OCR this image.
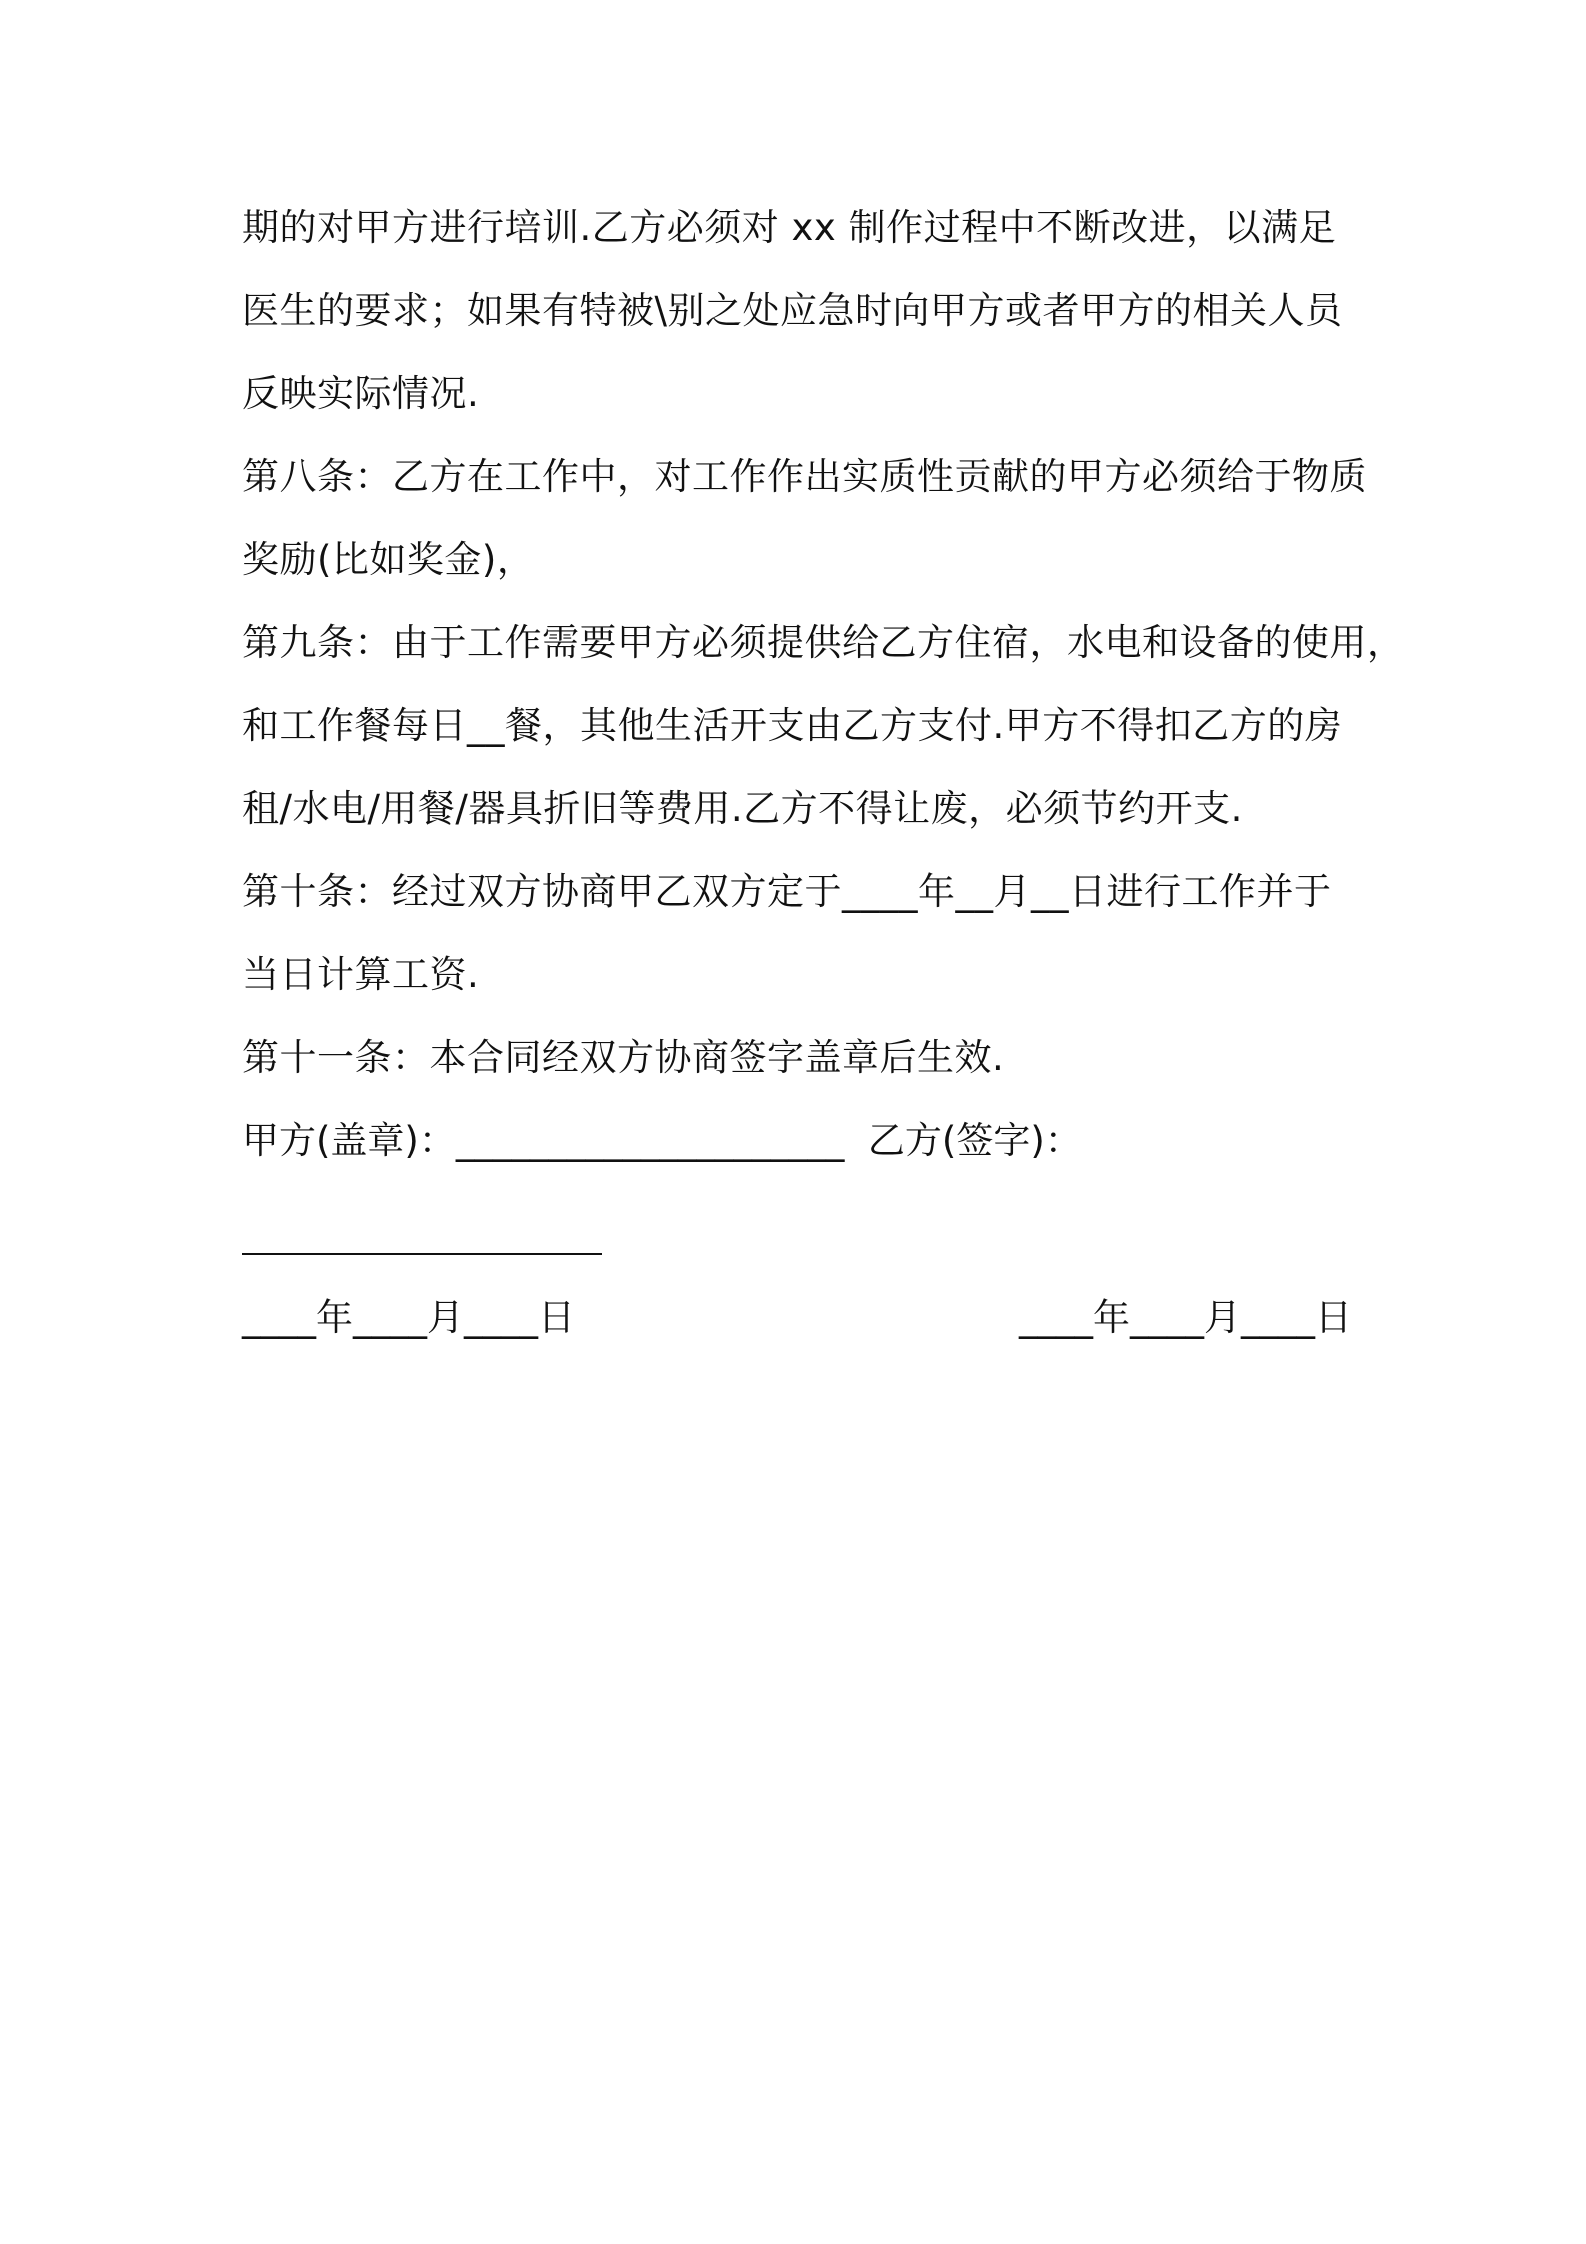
期的对甲方进行培训.乙方必须对 xx 制作过程中不断改进，以满足
医生的要求；如果有特被\别之处应急时向甲方或者甲方的相关人员
反映实际情况.
第八条：乙方在工作中，对工作作出实质性贡献的甲方必须给于物质
奖励(比如奖金)，
第九条：由于工作需要甲方必须提供给乙方住宿，水电和设备的使用，
和工作餐每日__餐，其他生活开支由乙方支付.甲方不得扣乙方的房
租/水电/用餐/器具折旧等费用.乙方不得让废，必须节约开支.
第十条：经过双方协商甲乙双方定于____年__月__日进行工作并于
当日计算工资.
第十一条：本合同经双方协商签字盖章后生效.
甲方(盖章)：_____________________ 乙方(签字)：
____年____月____日	____年____月____日
